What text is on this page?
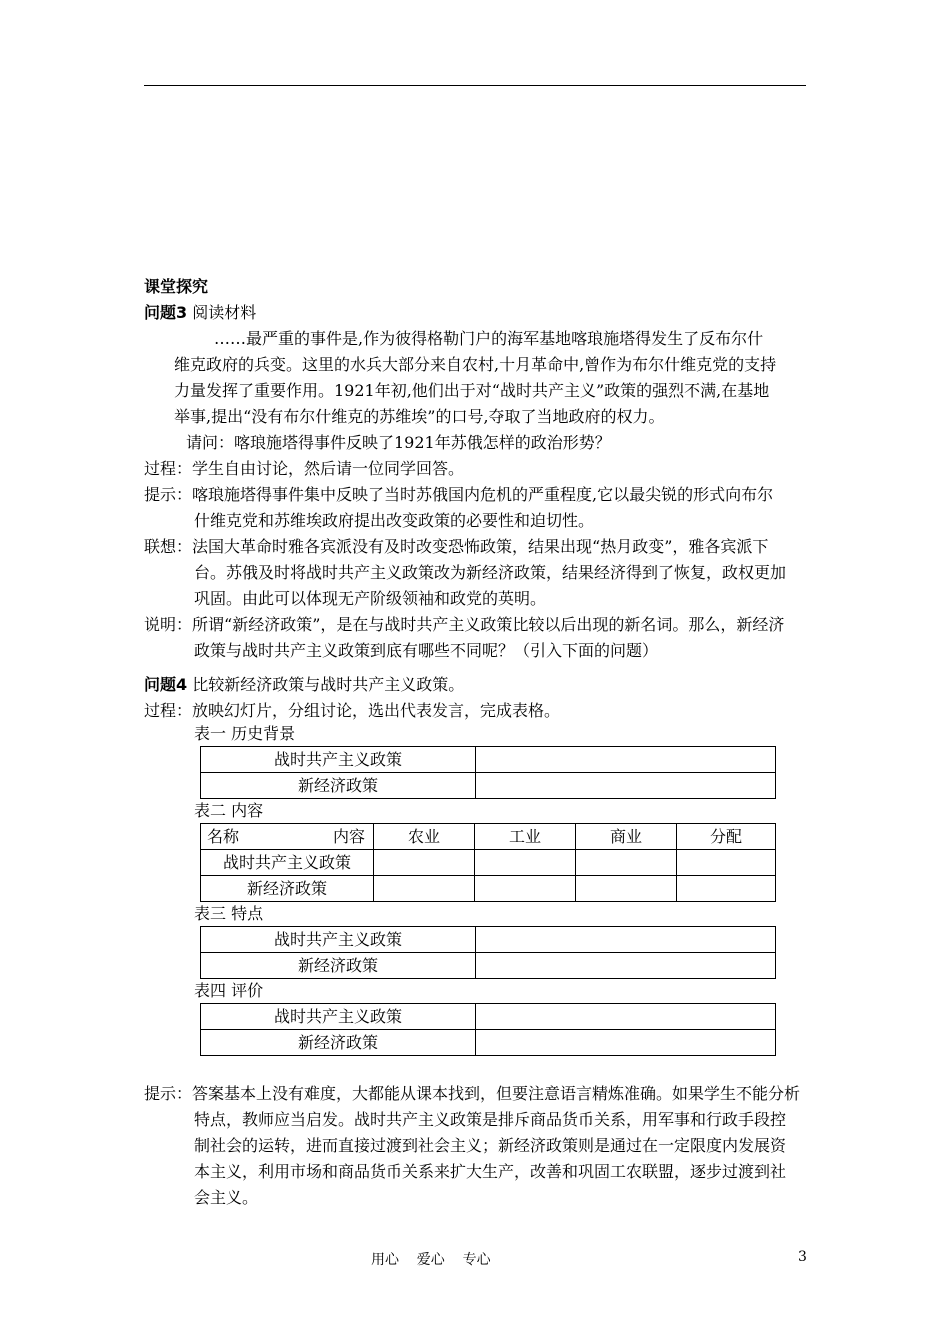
课堂探究
问题3 阅读材料
……最严重的事件是,作为彼得格勒门户的海军基地喀琅施塔得发生了反布尔什
维克政府的兵变。这里的水兵大部分来自农村,十月革命中,曾作为布尔什维克党的支持
力量发挥了重要作用。1921年初,他们出于对“战时共产主义”政策的强烈不满,在基地
举事,提出“没有布尔什维克的苏维埃”的口号,夺取了当地政府的权力。
请问：喀琅施塔得事件反映了1921年苏俄怎样的政治形势？
过程：学生自由讨论，然后请一位同学回答。
提示：喀琅施塔得事件集中反映了当时苏俄国内危机的严重程度,它以最尖锐的形式向布尔
什维克党和苏维埃政府提出改变政策的必要性和迫切性。
联想：法国大革命时雅各宾派没有及时改变恐怖政策，结果出现“热月政变”，雅各宾派下
台。苏俄及时将战时共产主义政策改为新经济政策，结果经济得到了恢复，政权更加
巩固。由此可以体现无产阶级领袖和政党的英明。
说明：所谓“新经济政策”，是在与战时共产主义政策比较以后出现的新名词。那么，新经济
政策与战时共产主义政策到底有哪些不同呢？（引入下面的问题）
问题4 比较新经济政策与战时共产主义政策。
过程：放映幻灯片，分组讨论，选出代表发言，完成表格。
表一 历史背景
战时共产主义政策	
新经济政策	
表二 内容
名称 内容	农业	工业	商业	分配
战时共产主义政策				
新经济政策				
表三 特点
战时共产主义政策	
新经济政策	
表四 评价
战时共产主义政策	
新经济政策	
提示：答案基本上没有难度，大都能从课本找到，但要注意语言精炼准确。如果学生不能分析
特点，教师应当启发。战时共产主义政策是排斥商品货币关系，用军事和行政手段控
制社会的运转，进而直接过渡到社会主义；新经济政策则是通过在一定限度内发展资
本主义，利用市场和商品货币关系来扩大生产，改善和巩固工农联盟，逐步过渡到社
会主义。
用心    爱心    专心	3
